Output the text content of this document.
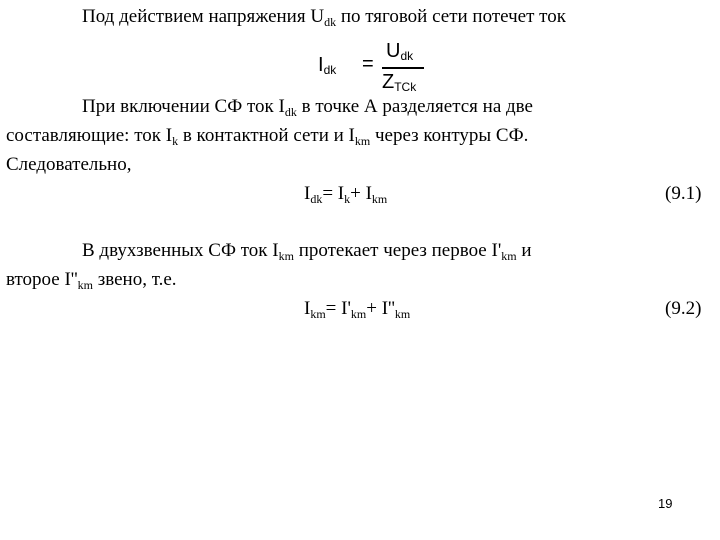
Под действием напряжения $U_{dk}$ по тяговой сети потечет ток
$I_{dk}$ =
$U_{dk}$
$Z_{TCk}$
При включении СФ ток $I_{dk}$ в точке А разделяется на две
составляющие: ток $I_k$ в контактной сети и $I_{km}$ через контуры СФ.
Следовательно,
$I_{dk}= I_k+ I_{km}$	(9.1)
В двухзвенных СФ ток $I_{km}$ протекает через первое $I'_{km}$ и
второе $I''_{km}$ звено, т.е.
$I_{km}= I'_{km}+ I''_{km}$	(9.2)
19
